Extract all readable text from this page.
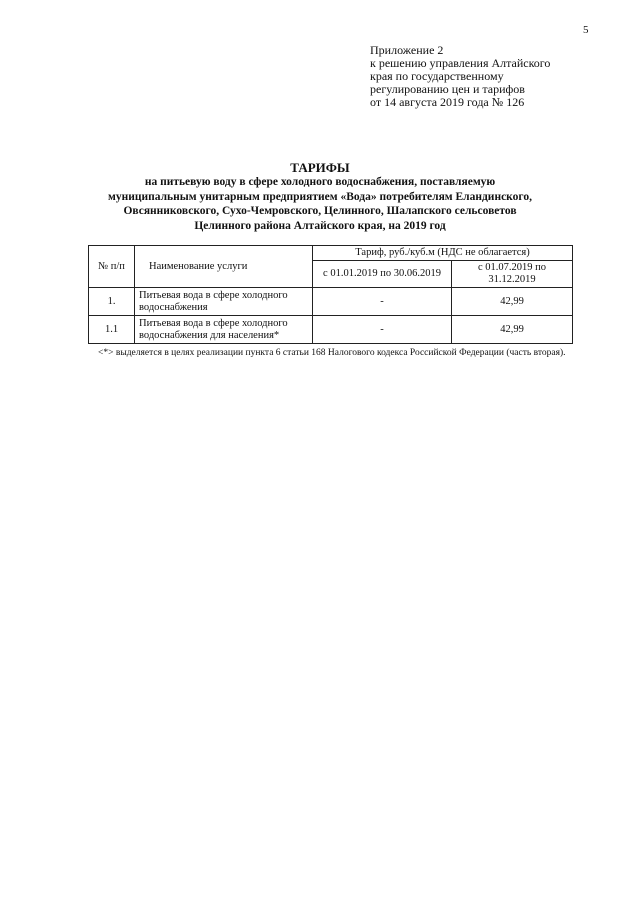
5
Приложение 2
к решению управления Алтайского
края по государственному
регулированию цен и тарифов
от 14 августа 2019 года № 126
ТАРИФЫ
на питьевую воду в сфере холодного водоснабжения, поставляемую
муниципальным унитарным предприятием «Вода» потребителям Еландинского,
Овсянниковского, Сухо-Чемровского, Целинного, Шалапского сельсоветов
Целинного района Алтайского края, на 2019 год
№ п/п	Наименование услуги	Тариф, руб./куб.м (НДС не облагается)	
		с 01.01.2019 по 30.06.2019	с 01.07.2019 по 31.12.2019
1.	Питьевая вода в сфере холодного водоснабжения	-	42,99
1.1	Питьевая вода в сфере холодного водоснабжения для населения*	-	42,99
<*> выделяется в целях реализации пункта 6 статьи 168 Налогового кодекса Российской Федерации (часть вторая).
